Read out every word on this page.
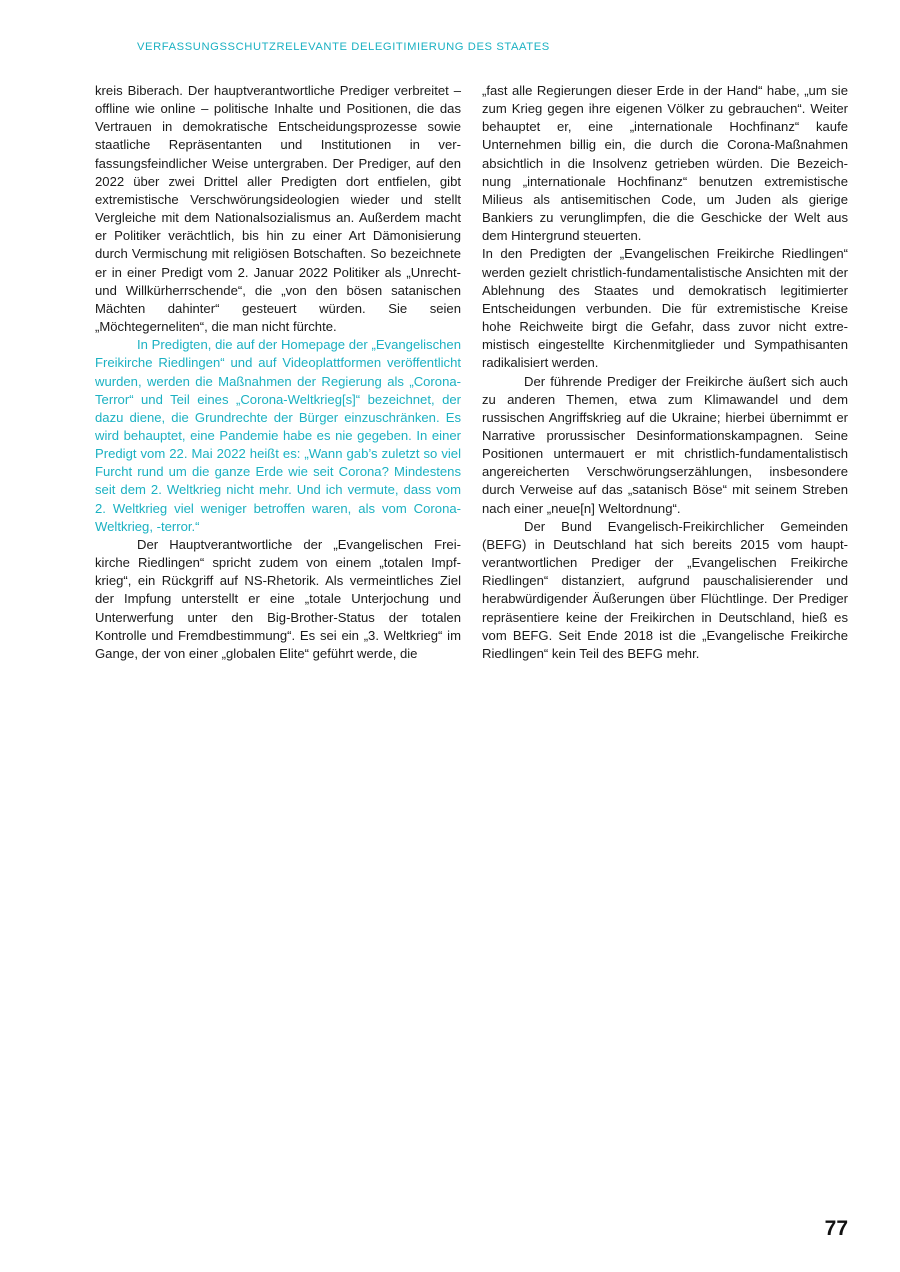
VERFASSUNGSSCHUTZRELEVANTE DELEGITIMIERUNG DES STAATES

kreis Biberach. Der hauptverantwortliche Prediger verbreitet – offline wie online – politische Inhalte und Positionen, die das Vertrauen in demokratische Entscheidungsprozesse sowie staatliche Repräsentanten und Institutionen in verfassungsfeindlicher Weise untergraben. Der Prediger, auf den 2022 über zwei Drittel aller Predigten dort entfielen, gibt extremistische Verschwörungsideologien wieder und stellt Vergleiche mit dem Nationalsozialismus an. Außerdem macht er Politiker verächtlich, bis hin zu einer Art Dämonisierung durch Vermischung mit religiösen Botschaften. So bezeichnete er in einer Predigt vom 2. Januar 2022 Politiker als „Unrecht- und Willkürherrschende“, die „von den bösen satanischen Mächten dahinter“ gesteuert würden. Sie seien „Möchtegerneliten“, die man nicht fürchte.

In Predigten, die auf der Homepage der „Evangelischen Freikirche Riedlingen“ und auf Videoplattformen veröffentlicht wurden, werden die Maßnahmen der Regierung als „Corona-Terror“ und Teil eines „Corona-Weltkrieg[s]“ bezeichnet, der dazu diene, die Grundrechte der Bürger einzuschränken. Es wird behauptet, eine Pandemie habe es nie gegeben. In einer Predigt vom 22. Mai 2022 heißt es: „Wann gab’s zuletzt so viel Furcht rund um die ganze Erde wie seit Corona? Mindestens seit dem 2. Weltkrieg nicht mehr. Und ich vermute, dass vom 2. Weltkrieg viel weniger betroffen waren, als vom Corona-Weltkrieg, -terror.“

Der Hauptverantwortliche der „Evangelischen Freikirche Riedlingen“ spricht zudem von einem „totalen Impfkrieg“, ein Rückgriff auf NS-Rhetorik. Als vermeintliches Ziel der Impfung unterstellt er eine „totale Unterjochung und Unterwerfung unter den Big-Brother-Status der totalen Kontrolle und Fremdbestimmung“. Es sei ein „3. Weltkrieg“ im Gange, der von einer „globalen Elite“ geführt werde, die

„fast alle Regierungen dieser Erde in der Hand“ habe, „um sie zum Krieg gegen ihre eigenen Völker zu gebrauchen“. Weiter behauptet er, eine „internationale Hochfinanz“ kaufe Unternehmen billig ein, die durch die Corona-Maßnahmen absichtlich in die Insolvenz getrieben würden. Die Bezeichnung „internationale Hochfinanz“ benutzen extremistische Milieus als antisemitischen Code, um Juden als gierige Bankiers zu verunglimpfen, die die Geschicke der Welt aus dem Hintergrund steuerten.

In den Predigten der „Evangelischen Freikirche Riedlingen“ werden gezielt christlich-fundamentalistische Ansichten mit der Ablehnung des Staates und demokratisch legitimierter Entscheidungen verbunden. Die für extremistische Kreise hohe Reichweite birgt die Gefahr, dass zuvor nicht extremistisch eingestellte Kirchenmitglieder und Sympathisanten radikalisiert werden.

Der führende Prediger der Freikirche äußert sich auch zu anderen Themen, etwa zum Klimawandel und dem russischen Angriffskrieg auf die Ukraine; hierbei übernimmt er Narrative prorussischer Desinformationskampagnen. Seine Positionen untermauert er mit christlich-fundamentalistisch angereicherten Verschwörungserzählungen, insbesondere durch Verweise auf das „satanisch Böse“ mit seinem Streben nach einer „neue[n] Weltordnung“.

Der Bund Evangelisch-Freikirchlicher Gemeinden (BEFG) in Deutschland hat sich bereits 2015 vom hauptverantwortlichen Prediger der „Evangelischen Freikirche Riedlingen“ distanziert, aufgrund pauschalisierender und herabwürdigender Äußerungen über Flüchtlinge. Der Prediger repräsentiere keine der Freikirchen in Deutschland, hieß es vom BEFG. Seit Ende 2018 ist die „Evangelische Freikirche Riedlingen“ kein Teil des BEFG mehr.

77
